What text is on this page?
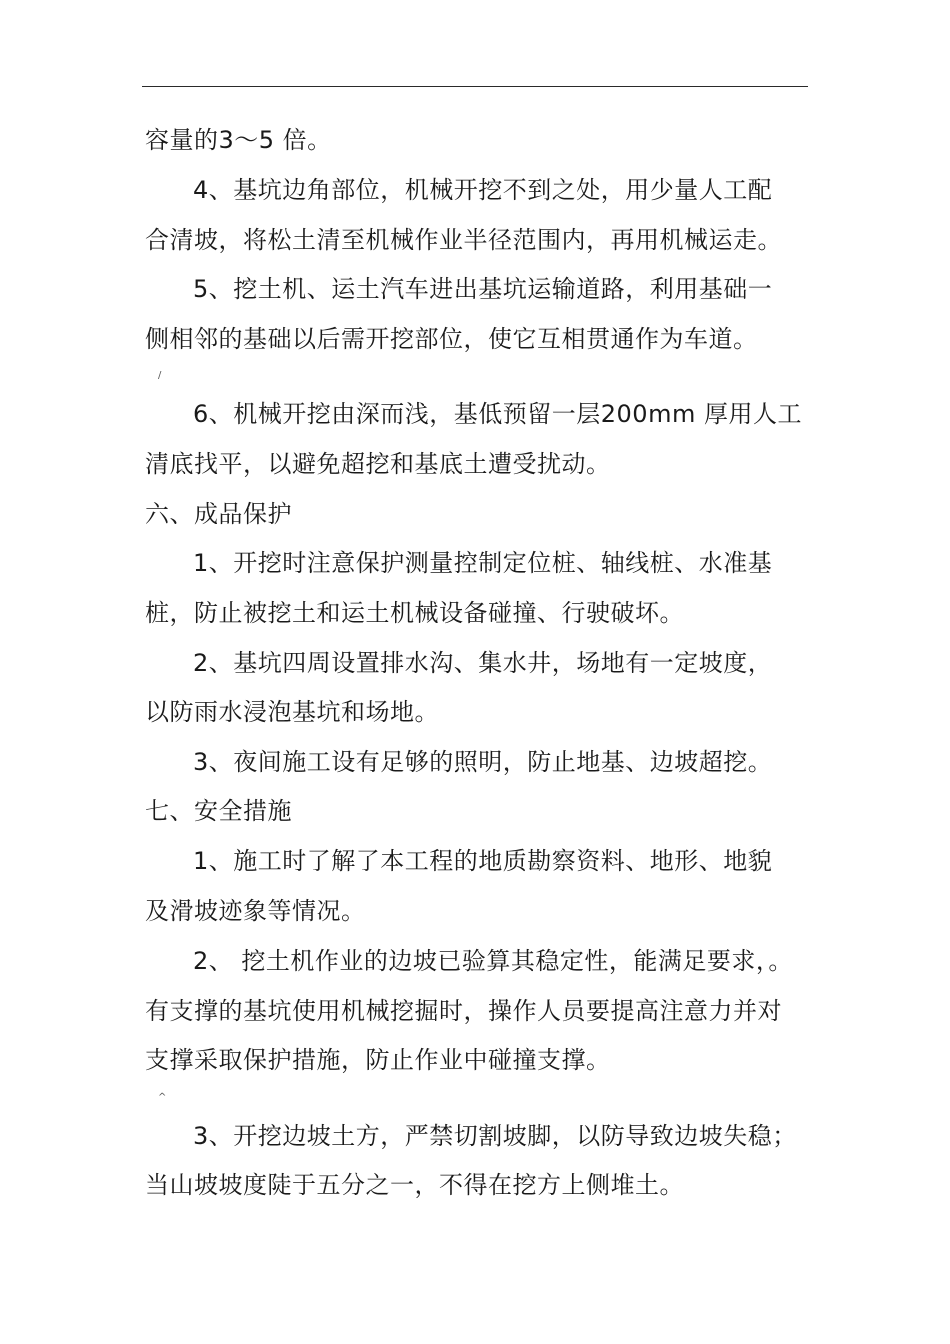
容量的3～5 倍。
4、基坑边角部位，机械开挖不到之处，用少量人工配
合清坡，将松土清至机械作业半径范围内，再用机械运走。
5、挖土机、运土汽车进出基坑运输道路，利用基础一
侧相邻的基础以后需开挖部位，使它互相贯通作为车道。
/
6、机械开挖由深而浅，基低预留一层200mm 厚用人工
清底找平，以避免超挖和基底土遭受扰动。
六、成品保护
1、开挖时注意保护测量控制定位桩、轴线桩、水准基
桩，防止被挖土和运土机械设备碰撞、行驶破坏。
2、基坑四周设置排水沟、集水井，场地有一定坡度，
以防雨水浸泡基坑和场地。
3、夜间施工设有足够的照明，防止地基、边坡超挖。
七、安全措施
1、施工时了解了本工程的地质勘察资料、地形、地貌
及滑坡迹象等情况。
2、 挖土机作业的边坡已验算其稳定性，能满足要求，。
有支撑的基坑使用机械挖掘时，操作人员要提高注意力并对
支撑采取保护措施，防止作业中碰撞支撑。
^
3、开挖边坡土方，严禁切割坡脚，以防导致边坡失稳；
当山坡坡度陡于五分之一，不得在挖方上侧堆土。
